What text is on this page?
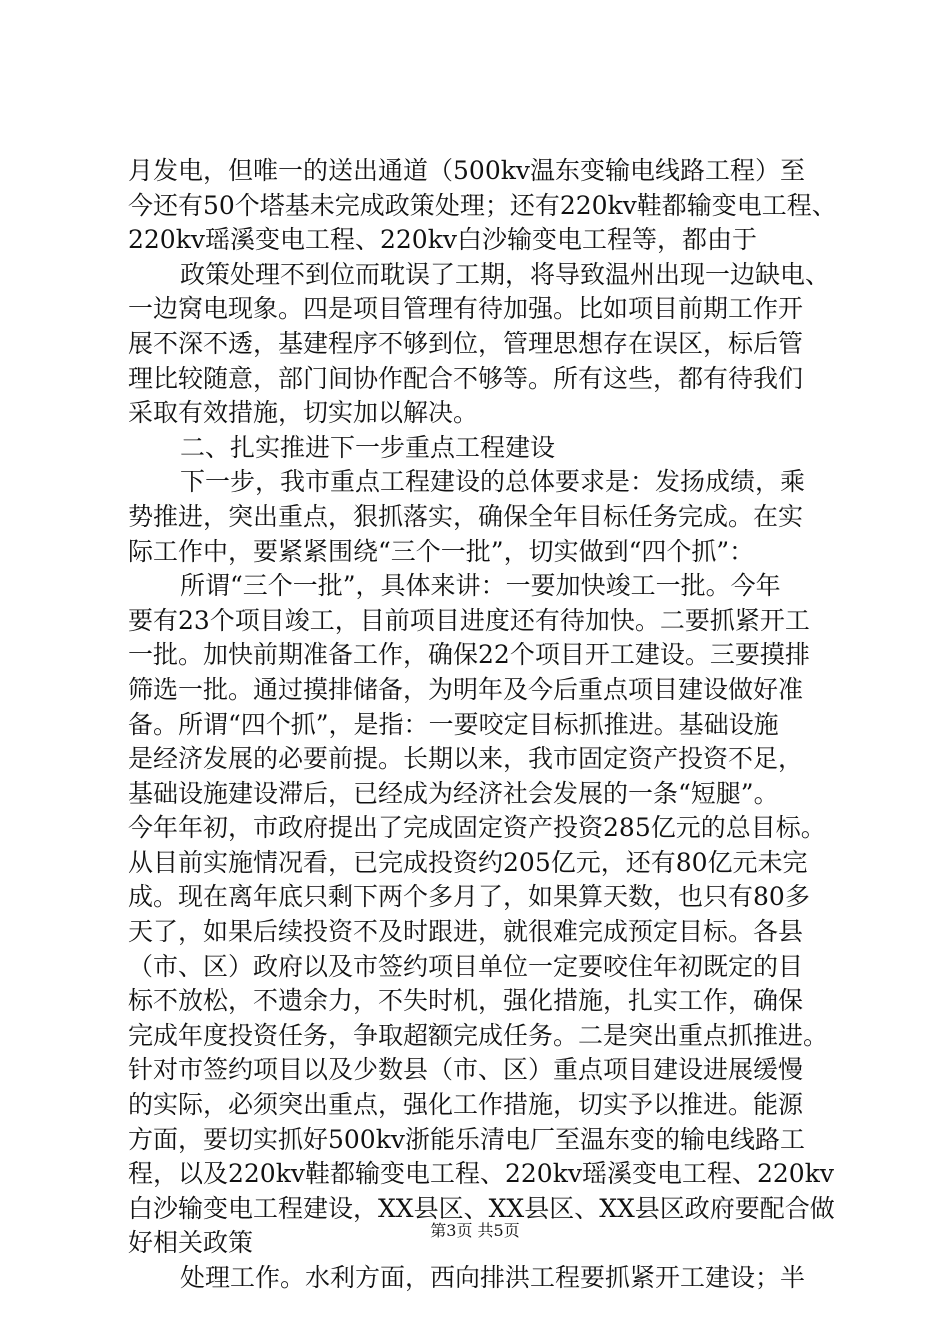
月发电，但唯一的送出通道（500kv温东变输电线路工程）至
今还有50个塔基未完成政策处理；还有220kv鞋都输变电工程、
220kv瑶溪变电工程、220kv白沙输变电工程等，都由于
政策处理不到位而耽误了工期，将导致温州出现一边缺电、
一边窝电现象。四是项目管理有待加强。比如项目前期工作开
展不深不透，基建程序不够到位，管理思想存在误区，标后管
理比较随意，部门间协作配合不够等。所有这些，都有待我们
采取有效措施，切实加以解决。
二、扎实推进下一步重点工程建设
下一步，我市重点工程建设的总体要求是：发扬成绩，乘
势推进，突出重点，狠抓落实，确保全年目标任务完成。在实
际工作中，要紧紧围绕“三个一批”，切实做到“四个抓”：
所谓“三个一批”，具体来讲：一要加快竣工一批。今年
要有23个项目竣工，目前项目进度还有待加快。二要抓紧开工
一批。加快前期准备工作，确保22个项目开工建设。三要摸排
筛选一批。通过摸排储备，为明年及今后重点项目建设做好准
备。所谓“四个抓”，是指：一要咬定目标抓推进。基础设施
是经济发展的必要前提。长期以来，我市固定资产投资不足，
基础设施建设滞后，已经成为经济社会发展的一条“短腿”。
今年年初，市政府提出了完成固定资产投资285亿元的总目标。
从目前实施情况看，已完成投资约205亿元，还有80亿元未完
成。现在离年底只剩下两个多月了，如果算天数，也只有80多
天了，如果后续投资不及时跟进，就很难完成预定目标。各县
（市、区）政府以及市签约项目单位一定要咬住年初既定的目
标不放松，不遗余力，不失时机，强化措施，扎实工作，确保
完成年度投资任务，争取超额完成任务。二是突出重点抓推进。
针对市签约项目以及少数县（市、区）重点项目建设进展缓慢
的实际，必须突出重点，强化工作措施，切实予以推进。能源
方面，要切实抓好500kv浙能乐清电厂至温东变的输电线路工
程，以及220kv鞋都输变电工程、220kv瑶溪变电工程、220kv
白沙输变电工程建设，XX县区、XX县区、XX县区政府要配合做
好相关政策
处理工作。水利方面，西向排洪工程要抓紧开工建设；半
第3页 共5页
